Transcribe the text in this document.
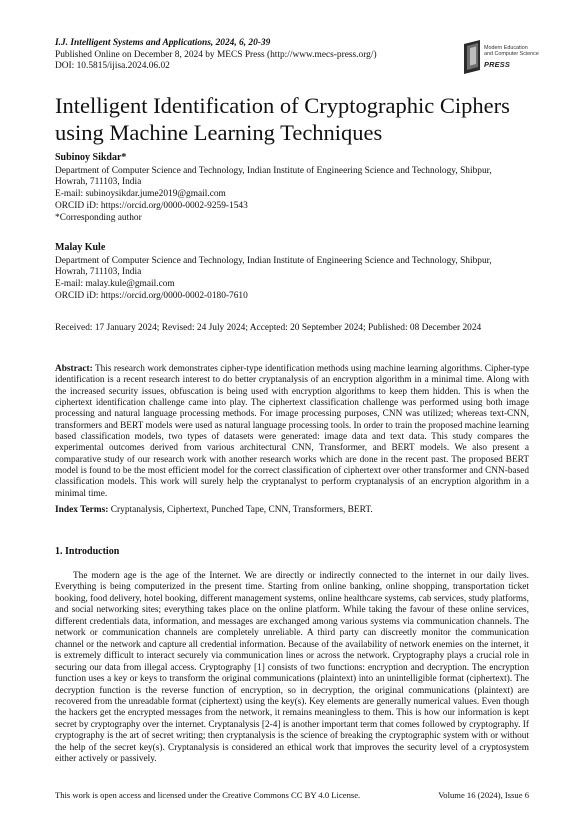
I.J. Intelligent Systems and Applications, 2024, 6, 20-39
Published Online on December 8, 2024 by MECS Press (http://www.mecs-press.org/)
DOI: 10.5815/ijisa.2024.06.02
Modern Education
and Computer Science
PRESS
Intelligent Identification of Cryptographic Ciphers using Machine Learning Techniques
Subinoy Sikdar*
Department of Computer Science and Technology, Indian Institute of Engineering Science and Technology, Shibpur,
Howrah, 711103, India
E-mail: subinoysikdar.jume2019@gmail.com
ORCID iD: https://orcid.org/0000-0002-9259-1543
*Corresponding author
Malay Kule
Department of Computer Science and Technology, Indian Institute of Engineering Science and Technology, Shibpur,
Howrah, 711103, India
E-mail: malay.kule@gmail.com
ORCID iD: https://orcid.org/0000-0002-0180-7610
Received: 17 January 2024; Revised: 24 July 2024; Accepted: 20 September 2024; Published: 08 December 2024
Abstract: This research work demonstrates cipher-type identification methods using machine learning algorithms. Cipher-type identification is a recent research interest to do better cryptanalysis of an encryption algorithm in a minimal time. Along with the increased security issues, obfuscation is being used with encryption algorithms to keep them hidden. This is when the ciphertext identification challenge came into play. The ciphertext classification challenge was performed using both image processing and natural language processing methods. For image processing purposes, CNN was utilized; whereas text-CNN, transformers and BERT models were used as natural language processing tools. In order to train the proposed machine learning based classification models, two types of datasets were generated: image data and text data. This study compares the experimental outcomes derived from various architectural CNN, Transformer, and BERT models. We also present a comparative study of our research work with another research works which are done in the recent past. The proposed BERT model is found to be the most efficient model for the correct classification of ciphertext over other transformer and CNN-based classification models. This work will surely help the cryptanalyst to perform cryptanalysis of an encryption algorithm in a minimal time.
Index Terms: Cryptanalysis, Ciphertext, Punched Tape, CNN, Transformers, BERT.
1. Introduction

The modern age is the age of the Internet. We are directly or indirectly connected to the internet in our daily lives. Everything is being computerized in the present time. Starting from online banking, online shopping, transportation ticket booking, food delivery, hotel booking, different management systems, online healthcare systems, cab services, study platforms, and social networking sites; everything takes place on the online platform. While taking the favour of these online services, different credentials data, information, and messages are exchanged among various systems via communication channels. The network or communication channels are completely unreliable. A third party can discreetly monitor the communication channel or the network and capture all credential information. Because of the availability of network enemies on the internet, it is extremely difficult to interact securely via communication lines or across the network. Cryptography plays a crucial role in securing our data from illegal access. Cryptography [1] consists of two functions: encryption and decryption. The encryption function uses a key or keys to transform the original communications (plaintext) into an unintelligible format (ciphertext). The decryption function is the reverse function of encryption, so in decryption, the original communications (plaintext) are recovered from the unreadable format (ciphertext) using the key(s). Key elements are generally numerical values. Even though the hackers get the encrypted messages from the network, it remains meaningless to them. This is how our information is kept secret by cryptography over the internet. Cryptanalysis [2-4] is another important term that comes followed by cryptography. If cryptography is the art of secret writing; then cryptanalysis is the science of breaking the cryptographic system with or without the help of the secret key(s). Cryptanalysis is considered an ethical work that improves the security level of a cryptosystem either actively or passively.

This work is open access and licensed under the Creative Commons CC BY 4.0 License.	Volume 16 (2024), Issue 6
